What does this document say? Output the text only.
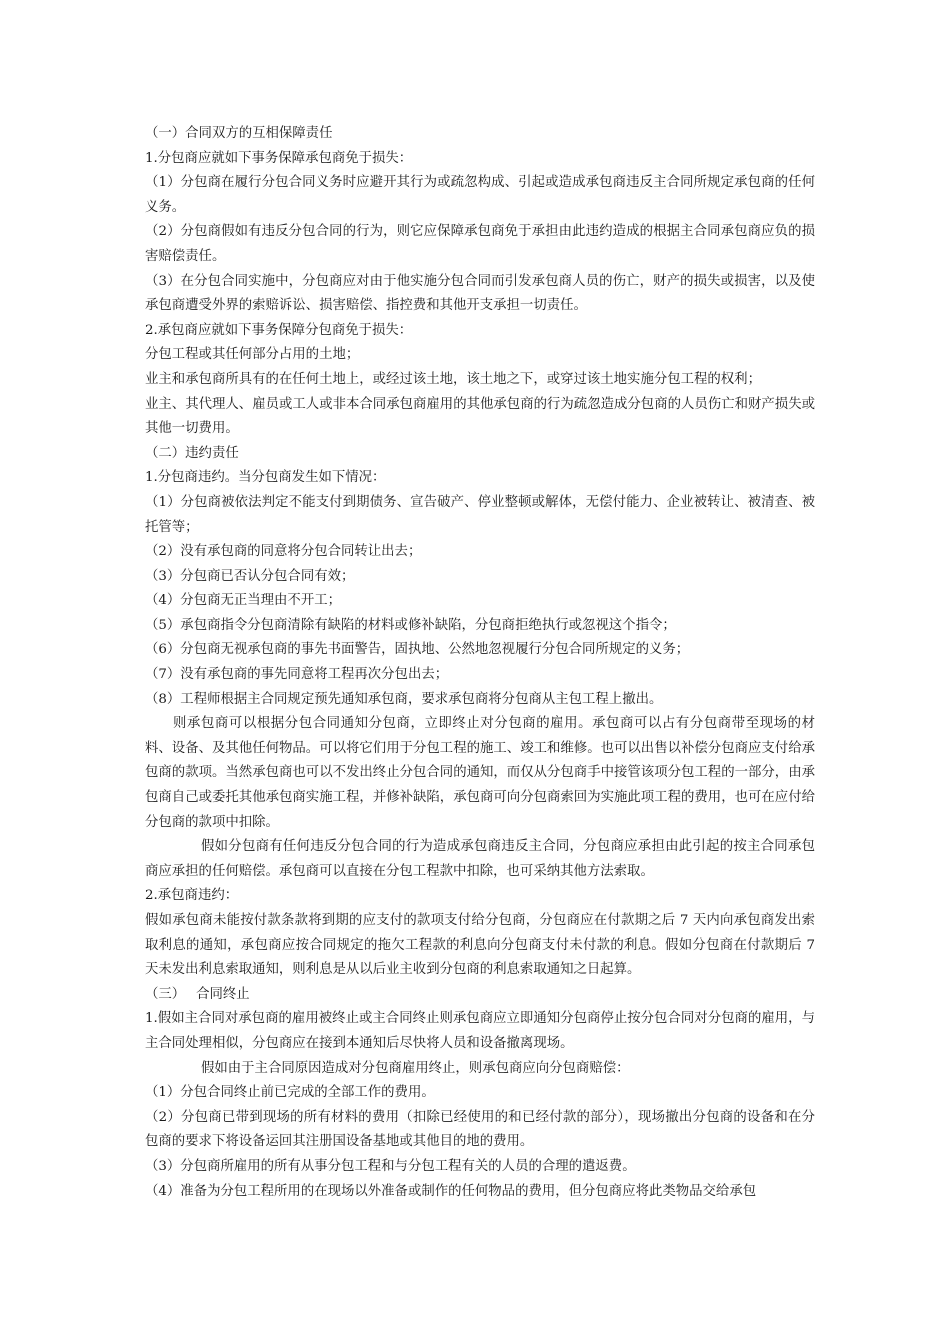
（一）合同双方的互相保障责任

1.分包商应就如下事务保障承包商免于损失：

（1）分包商在履行分包合同义务时应避开其行为或疏忽构成、引起或造成承包商违反主合同所规定承包商的任何义务。

（2）分包商假如有违反分包合同的行为，则它应保障承包商免于承担由此违约造成的根据主合同承包商应负的损害赔偿责任。

（3）在分包合同实施中，分包商应对由于他实施分包合同而引发承包商人员的伤亡，财产的损失或损害，以及使承包商遭受外界的索赔诉讼、损害赔偿、指控费和其他开支承担一切责任。

2.承包商应就如下事务保障分包商免于损失：

分包工程或其任何部分占用的土地；

业主和承包商所具有的在任何土地上，或经过该土地，该土地之下，或穿过该土地实施分包工程的权利；

业主、其代理人、雇员或工人或非本合同承包商雇用的其他承包商的行为疏忽造成分包商的人员伤亡和财产损失或其他一切费用。

（二）违约责任

1.分包商违约。当分包商发生如下情况：

（1）分包商被依法判定不能支付到期债务、宣告破产、停业整顿或解体，无偿付能力、企业被转让、被清查、被托管等；

（2）没有承包商的同意将分包合同转让出去；

（3）分包商已否认分包合同有效；

（4）分包商无正当理由不开工；

（5）承包商指令分包商清除有缺陷的材料或修补缺陷，分包商拒绝执行或忽视这个指令；

（6）分包商无视承包商的事先书面警告，固执地、公然地忽视履行分包合同所规定的义务；

（7）没有承包商的事先同意将工程再次分包出去；

（8）工程师根据主合同规定预先通知承包商，要求承包商将分包商从主包工程上撤出。

则承包商可以根据分包合同通知分包商，立即终止对分包商的雇用。承包商可以占有分包商带至现场的材料、设备、及其他任何物品。可以将它们用于分包工程的施工、竣工和维修。也可以出售以补偿分包商应支付给承包商的款项。当然承包商也可以不发出终止分包合同的通知，而仅从分包商手中接管该项分包工程的一部分，由承包商自己或委托其他承包商实施工程，并修补缺陷，承包商可向分包商索回为实施此项工程的费用，也可在应付给分包商的款项中扣除。

假如分包商有任何违反分包合同的行为造成承包商违反主合同，分包商应承担由此引起的按主合同承包商应承担的任何赔偿。承包商可以直接在分包工程款中扣除，也可采纳其他方法索取。

2.承包商违约：

假如承包商未能按付款条款将到期的应支付的款项支付给分包商，分包商应在付款期之后 7 天内向承包商发出索取利息的通知，承包商应按合同规定的拖欠工程款的利息向分包商支付未付款的利息。假如分包商在付款期后 7 天未发出利息索取通知，则利息是从以后业主收到分包商的利息索取通知之日起算。

（三）　 合同终止

1.假如主合同对承包商的雇用被终止或主合同终止则承包商应立即通知分包商停止按分包合同对分包商的雇用，与主合同处理相似，分包商应在接到本通知后尽快将人员和设备撤离现场。

假如由于主合同原因造成对分包商雇用终止，则承包商应向分包商赔偿：

（1）分包合同终止前已完成的全部工作的费用。

（2）分包商已带到现场的所有材料的费用（扣除已经使用的和已经付款的部分），现场撤出分包商的设备和在分包商的要求下将设备运回其注册国设备基地或其他目的地的费用。

（3）分包商所雇用的所有从事分包工程和与分包工程有关的人员的合理的遣返费。

（4）准备为分包工程所用的在现场以外准备或制作的任何物品的费用，但分包商应将此类物品交给承包
